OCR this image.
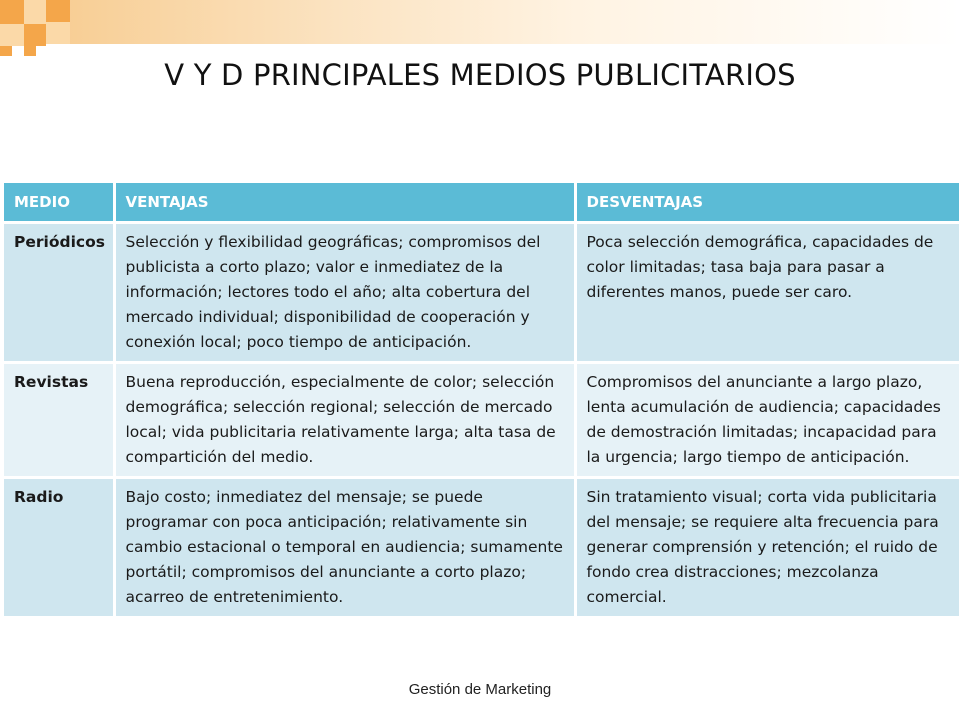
V Y D PRINCIPALES MEDIOS PUBLICITARIOS
MEDIO	VENTAJAS	DESVENTAJAS
Periódicos	Selección y flexibilidad geográficas; compromisos del publicista a corto plazo; valor e inmediatez de la información; lectores todo el año; alta cobertura del mercado individual; disponibilidad de cooperación y conexión local; poco tiempo de anticipación.	Poca selección demográfica, capacidades de color limitadas; tasa baja para pasar a diferentes manos, puede ser caro.
Revistas	Buena reproducción, especialmente de color; selección demográfica; selección regional; selección de mercado local; vida publicitaria relativamente larga; alta tasa de compartición del medio.	Compromisos del anunciante a largo plazo, lenta acumulación de audiencia; capacidades de demostración limitadas; incapacidad para la urgencia; largo tiempo de anticipación.
Radio	Bajo costo; inmediatez del mensaje; se puede programar con poca anticipación; relativamente sin cambio estacional o temporal en audiencia; sumamente portátil; compromisos del anunciante a corto plazo; acarreo de entretenimiento.	Sin tratamiento visual; corta vida publicitaria del mensaje; se requiere alta frecuencia para generar comprensión y retención; el ruido de fondo crea distracciones; mezcolanza comercial.
Gestión de Marketing
